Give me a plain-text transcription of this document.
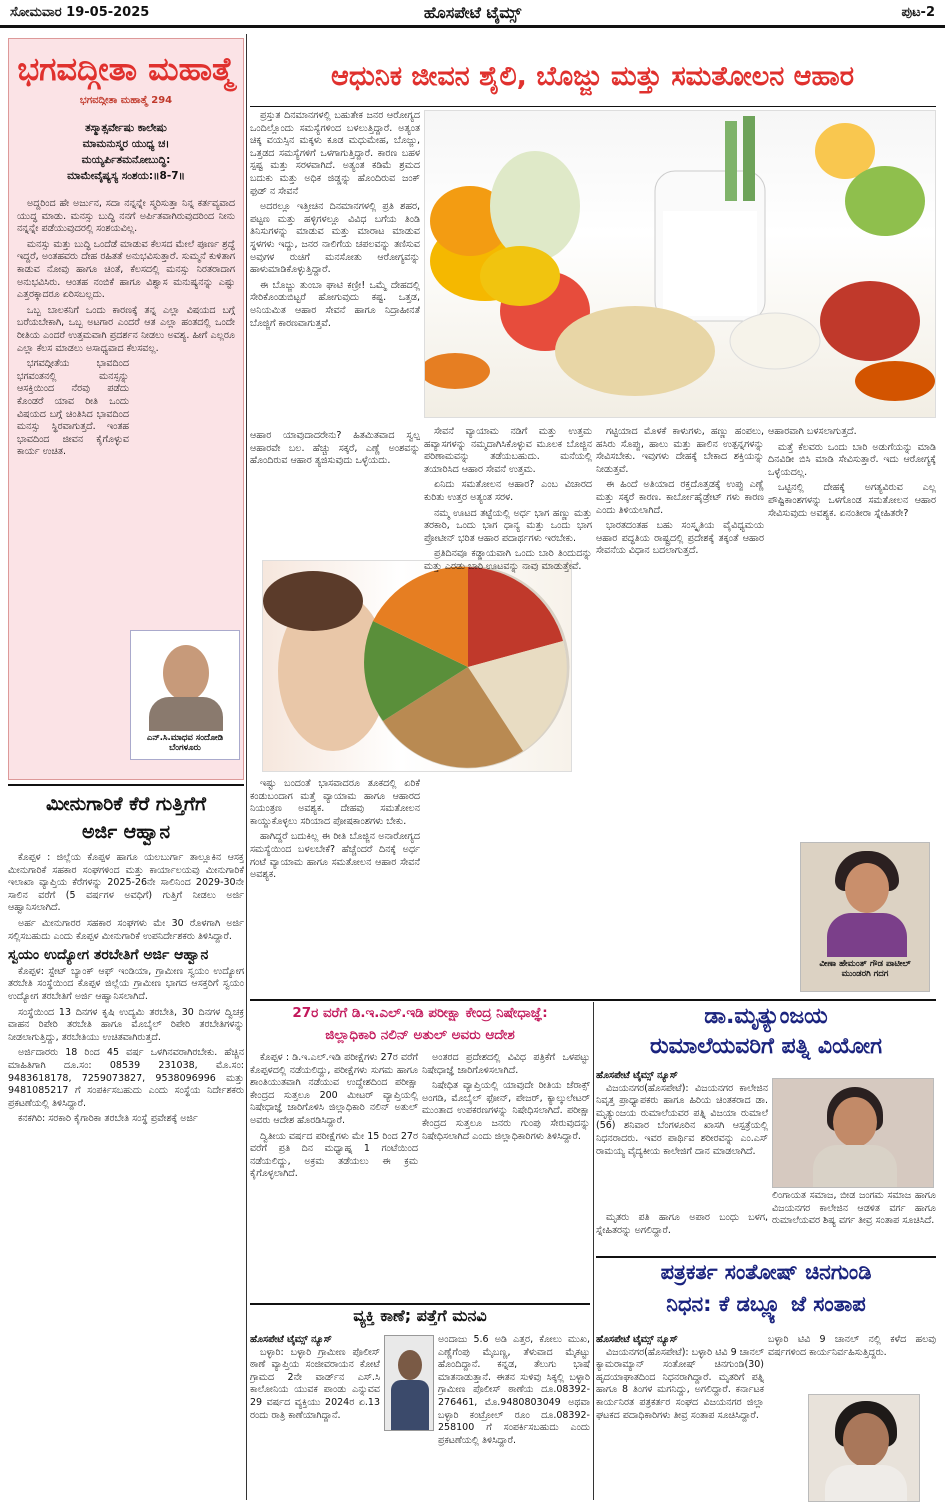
ಸೋಮವಾರ 19-05-2025	ಹೊಸಪೇಟೆ ಟೈಮ್ಸ್	ಪುಟ-2
ಭಗವದ್ಗೀತಾ ಮಹಾತ್ಮೆ
ಭಗವದ್ಗೀತಾ ಮಹಾತ್ಮೆ 294
ತಸ್ಮಾತ್ಸರ್ವೇಷು ಕಾಲೇಷು
ಮಾಮನುಸ್ಮರ ಯುಧ್ಯ ಚ।
ಮಯ್ಯರ್ಪಿತಮನೋಬುದ್ಧಿ:
ಮಾಮೇವೈಷ್ಯಸ್ಯ ಸಂಶಯ:॥8-7॥

ಅದ್ದರಿಂದ ಹೇ ಅರ್ಜುನ, ಸದಾ ನನ್ನನ್ನೇ ಸ್ಮರಿಸುತ್ತಾ ನಿನ್ನ ಕರ್ತವ್ಯವಾದ ಯುದ್ಧ ಮಾಡು. ಮನಸ್ಸು ಬುದ್ಧಿ ನನಗೆ ಅರ್ಪಿತವಾಗಿರುವುದರಿಂದ ನೀನು ನನ್ನನ್ನೇ ಪಡೆಯುವುದರಲ್ಲಿ ಸಂಶಯವಿಲ್ಲ.

ಮನಸ್ಸು ಮತ್ತು ಬುದ್ಧಿ ಒಂದೆಡೆ ಮಾಡುವ ಕೆಲಸದ ಮೇಲೆ ಪೂರ್ಣ ಶ್ರದ್ಧೆ ಇದ್ದರೆ, ಅಂತಹವರು ದೇಹ ರಹಿತತೆ ಅನುಭವಿಸುತ್ತಾರೆ. ಸುಮ್ಮನೆ ಕುಳಿತಾಗ ಕಾಡುವ ನೋವು ಹಾಗೂ ಚಿಂತೆ, ಕೆಲಸದಲ್ಲಿ ಮನಸ್ಸು ನಿರತರಾದಾಗ ಅನುಭವಿಸಿರು. ಆಂತಹ ನಂಬಿಕೆ ಹಾಗೂ ವಿಶ್ವಾಸ ಮನುಷ್ಯನನ್ನು ಎಷ್ಟು ಎತ್ತರಕ್ಕಾದರೂ ಏರಿಸಬಲ್ಲದು.

ಒಬ್ಬ ಬಾಲಕನಿಗೆ ಒಂದು ಕಾರಣಕ್ಕೆ ತನ್ನ ಎಲ್ಲಾ ವಿಷಯದ ಬಗ್ಗೆ ಬರೆಯಬೇಕಾಗಿ, ಒಬ್ಬ ಅಟಗಾರ ಎಂದರೆ ಆತ ಎಲ್ಲಾ ಹಂತದಲ್ಲಿ ಒಂದೇ ರೀತಿಯ ಎಂದರೆ ಉತ್ತಮವಾಗಿ ಪ್ರದರ್ಶನ ನೀಡಲು ಅವಶ್ಯ. ಹೀಗೆ ಎಲ್ಲರೂ ಎಲ್ಲಾ ಕೆಲಸ ಮಾಡಲು ಅಸಾಧ್ಯವಾದ ಕೆಲಸವಲ್ಲ.

ಭಗವದ್ಗೀತೆಯ ಭಾವದಿಂದ ಭಗವಂತನಲ್ಲಿ ಮನಸ್ಸನ್ನು ಆಸಕ್ತಿಯಿಂದ ನೆರವು ಪಡೆದು ಕೊಂಡರೆ ಯಾವ ರೀತಿ ಒಂದು ವಿಷಯದ ಬಗ್ಗೆ ಚಿಂತಿಸಿದ ಭಾವದಿಂದ ಮನಸ್ಸು ಸ್ಥಿರವಾಗುತ್ತದೆ. ಇಂತಹ ಭಾವದಿಂದ ಜೀವನ ಕೈಗೊಳ್ಳುವ ಕಾರ್ಯ ಉಚಿತ.

ಎನ್.ಸಿ.ಮಾಧವ ಸಂದೋಡಿ
ಬೆಂಗಳೂರು
ಆಧುನಿಕ ಜೀವನ ಶೈಲಿ, ಬೊಜ್ಜು ಮತ್ತು ಸಮತೋಲನ ಆಹಾರ

ಪ್ರಸ್ತುತ ದಿನಮಾನಗಳಲ್ಲಿ ಬಹುತೇಕ ಜನರ ಆರೋಗ್ಯದ ಒಂದಿಲ್ಲೊಂದು ಸಮಸ್ಯೆಗಳಿಂದ ಬಳಲುತ್ತಿದ್ದಾರೆ. ಅತ್ಯಂತ ಚಿಕ್ಕ ವಯಸ್ಸಿನ ಮಕ್ಕಳು ಕೂಡ ಮಧುಮೇಹ, ಬೊಜ್ಜು, ಒತ್ತಡದ ಸಮಸ್ಯೆಗಳಿಗೆ ಒಳಗಾಗುತ್ತಿದ್ದಾರೆ. ಕಾರಣ ಬಹಳ ಸ್ಪಷ್ಟ ಮತ್ತು ಸರಳವಾಗಿದೆ. ಅತ್ಯಂತ ಕಡಿಮೆ ಶ್ರಮದ ಬದುಕು ಮತ್ತು ಅಧಿಕ ಜಿಡ್ಡನ್ನು ಹೊಂದಿರುವ ಜಂಕ್ ಫುಡ್ ನ ಸೇವನೆ

ಅದರಲ್ಲೂ ಇತ್ತೀಚಿನ ದಿನಮಾನಗಳಲ್ಲಿ ಪ್ರತಿ ಶಹರ, ಪಟ್ಟಣ ಮತ್ತು ಹಳ್ಳಿಗಳಲ್ಲೂ ವಿವಿಧ ಬಗೆಯ ತಿಂಡಿ ತಿನಿಸುಗಳನ್ನು ಮಾಡುವ ಮತ್ತು ಮಾರಾಟ ಮಾಡುವ ಸ್ಥಳಗಳು ಇದ್ದು, ಜನರ ನಾಲಿಗೆಯ ಚಪಲವನ್ನು ತಣಿಸುವ ಅವುಗಳ ರುಚಿಗೆ ಮನಸೋತು ಆರೋಗ್ಯವನ್ನು ಹಾಳುಮಾಡಿಕೊಳ್ಳುತ್ತಿದ್ದಾರೆ.

ಈ ಬೊಜ್ಜು ತುಂಬಾ ಘಾಟಿ ಕಣ್ರೀ! ಒಮ್ಮೆ ದೇಹದಲ್ಲಿ ಸೇರಿಕೊಂಡುಬಿಟ್ಟರೆ ಹೋಗುವುದು ಕಷ್ಟ. ಒತ್ತಡ, ಅನಿಯಮಿತ ಆಹಾರ ಸೇವನೆ ಹಾಗೂ ನಿದ್ರಾಹೀನತೆ ಬೊಜ್ಜಿಗೆ ಕಾರಣವಾಗುತ್ತವೆ.

ಆಹಾರ ಯಾವುದಾದರೇನು? ಹಿತಮಿತವಾದ ಸ್ವಲ್ಪ ಆಹಾರವೇ ಬಲ. ಹೆಚ್ಚು ಸಕ್ಕರೆ, ಎಣ್ಣೆ ಅಂಶವನ್ನು ಹೊಂದಿರುವ ಆಹಾರ ತ್ಯಜಿಸುವುದು ಒಳ್ಳೆಯದು.

ಇಷ್ಟು ಬಂದಂತೆ ಭಾಸವಾದರೂ ತೂಕದಲ್ಲಿ ಏರಿಕೆ ಕಂಡುಬಂದಾಗ ಮತ್ತೆ ವ್ಯಾಯಾಮ ಹಾಗೂ ಆಹಾರದ ನಿಯಂತ್ರಣ ಅವಶ್ಯಕ. ದೇಹವು ಸಮತೋಲನ ಕಾಯ್ದುಕೊಳ್ಳಲು ಸರಿಯಾದ ಪೋಷಕಾಂಶಗಳು ಬೇಕು.

ಹಾಗಿದ್ದರೆ ಬದುಕಿಲ್ಲ ಈ ರೀತಿ ಬೊಜ್ಜಿನ ಅನಾರೋಗ್ಯದ ಸಮಸ್ಯೆಯಿಂದ ಬಳಲಬೇಕೆ? ಹೆಚ್ಚೆಂದರೆ ದಿನಕ್ಕೆ ಅರ್ಧ ಗಂಟೆ ವ್ಯಾಯಾಮ ಹಾಗೂ ಸಮತೋಲನ ಆಹಾರ ಸೇವನೆ ಅವಶ್ಯಕ.

ಸೇವನೆ ವ್ಯಾಯಾಮ ನಡಿಗೆ ಮತ್ತು ಉತ್ತಮ ಹವ್ಯಾಸಗಳನ್ನು ನಮ್ಮದಾಗಿಸಿಕೊಳ್ಳುವ ಮೂಲಕ ಬೊಜ್ಜಿನ ಪರಿಣಾಮವನ್ನು ತಡೆಯಬಹುದು. ಮನೆಯಲ್ಲಿ ತಯಾರಿಸಿದ ಆಹಾರ ಸೇವನೆ ಉತ್ತಮ.

ಏನಿದು ಸಮತೋಲನ ಆಹಾರ? ಎಂಬ ವಿಚಾರದ ಕುರಿತು ಉತ್ತರ ಅತ್ಯಂತ ಸರಳ.

ನಮ್ಮ ಊಟದ ತಟ್ಟೆಯಲ್ಲಿ ಅರ್ಧ ಭಾಗ ಹಣ್ಣು ಮತ್ತು ತರಕಾರಿ, ಒಂದು ಭಾಗ ಧಾನ್ಯ ಮತ್ತು ಒಂದು ಭಾಗ ಪ್ರೋಟೀನ್ ಭರಿತ ಆಹಾರ ಪದಾರ್ಥಗಳು ಇರಬೇಕು.

ಪ್ರತಿದಿನವೂ ಕಡ್ಡಾಯವಾಗಿ ಒಂದು ಬಾರಿ ತಿಂದುದನ್ನು ಮತ್ತು ಎರಡು ಬಾರಿ ಊಟವನ್ನು ನಾವು ಮಾಡುತ್ತೇವೆ.

ಗಟ್ಟಿಯಾದ ಮೊಳಕೆ ಕಾಳುಗಳು, ಹಣ್ಣು ಹಂಪಲು, ಹಸಿರು ಸೊಪ್ಪು, ಹಾಲು ಮತ್ತು ಹಾಲಿನ ಉತ್ಪನ್ನಗಳನ್ನು ಸೇವಿಸಬೇಕು. ಇವುಗಳು ದೇಹಕ್ಕೆ ಬೇಕಾದ ಶಕ್ತಿಯನ್ನು ನೀಡುತ್ತವೆ.

ಈ ಹಿಂದೆ ಅತಿಯಾದ ರಕ್ತದೊತ್ತಡಕ್ಕೆ ಉಪ್ಪು ಎಣ್ಣೆ ಮತ್ತು ಸಕ್ಕರೆ ಕಾರಣ. ಕಾರ್ಬೋಹೈಡ್ರೇಟ್ ಗಳು ಕಾರಣ ಎಂದು ತಿಳಿಯಲಾಗಿದೆ.

ಭಾರತದಂತಹ ಬಹು ಸಂಸ್ಕೃತಿಯ ವೈವಿಧ್ಯಮಯ ಆಹಾರ ಪದ್ಧತಿಯ ರಾಷ್ಟ್ರದಲ್ಲಿ ಪ್ರದೇಶಕ್ಕೆ ತಕ್ಕಂತೆ ಆಹಾರ ಸೇವನೆಯ ವಿಧಾನ ಬದಲಾಗುತ್ತದೆ.

ಆಹಾರವಾಗಿ ಬಳಸಲಾಗುತ್ತದೆ.

ಮತ್ತೆ ಕೆಲವರು ಒಂದು ಬಾರಿ ಅಡುಗೆಯನ್ನು ಮಾಡಿ ದಿನವಿಡೀ ಬಿಸಿ ಮಾಡಿ ಸೇವಿಸುತ್ತಾರೆ. ಇದು ಆರೋಗ್ಯಕ್ಕೆ ಒಳ್ಳೆಯದಲ್ಲ.

ಒಟ್ಟಿನಲ್ಲಿ ದೇಹಕ್ಕೆ ಅಗತ್ಯವಿರುವ ಎಲ್ಲ ಪೌಷ್ಟಿಕಾಂಶಗಳನ್ನು ಒಳಗೊಂಡ ಸಮತೋಲನ ಆಹಾರ ಸೇವಿಸುವುದು ಅವಶ್ಯಕ. ಏನಂತೀರಾ ಸ್ನೇಹಿತರೇ?

ವೀಣಾ ಹೇಮಂತ್ ಗೌಡ ಪಾಟೀಲ್
ಮುಂಡರಗಿ ಗದಗ
ಮೀನುಗಾರಿಕೆ ಕೆರೆ ಗುತ್ತಿಗೆಗೆ
ಅರ್ಜಿ ಆಹ್ವಾನ

ಕೊಪ್ಪಳ : ಜಿಲ್ಲೆಯ ಕೊಪ್ಪಳ ಹಾಗೂ ಯಲಬುರ್ಗಾ ತಾಲ್ಲೂಕಿನ ಆಸಕ್ತ ಮೀನುಗಾರಿಕೆ ಸಹಕಾರ ಸಂಘಗಳಿಂದ ಮತ್ತು ಕಾರ್ಯಾಲಯವು ಮೀನುಗಾರಿಕೆ ಇಲಾಖಾ ವ್ಯಾಪ್ತಿಯ ಕೆರೆಗಳನ್ನು 2025-26ನೇ ಸಾಲಿನಿಂದ 2029-30ನೇ ಸಾಲಿನ ವರೆಗೆ (5 ವರ್ಷಗಳ ಅವಧಿಗೆ) ಗುತ್ತಿಗೆ ನೀಡಲು ಅರ್ಜಿ ಆಹ್ವಾನಿಸಲಾಗಿದೆ.

ಅರ್ಹ ಮೀನುಗಾರರ ಸಹಕಾರ ಸಂಘಗಳು ಮೇ 30 ರೊಳಗಾಗಿ ಅರ್ಜಿ ಸಲ್ಲಿಸಬಹುದು ಎಂದು ಕೊಪ್ಪಳ ಮೀನುಗಾರಿಕೆ ಉಪನಿರ್ದೇಶಕರು ತಿಳಿಸಿದ್ದಾರೆ.

ಸ್ವಯಂ ಉದ್ಯೋಗ ತರಬೇತಿಗೆ ಅರ್ಜಿ ಆಹ್ವಾನ

ಕೊಪ್ಪಳ: ಸ್ಟೇಟ್ ಬ್ಯಾಂಕ್ ಆಫ್ ಇಂಡಿಯಾ, ಗ್ರಾಮೀಣ ಸ್ವಯಂ ಉದ್ಯೋಗ ತರಬೇತಿ ಸಂಸ್ಥೆಯಿಂದ ಕೊಪ್ಪಳ ಜಿಲ್ಲೆಯ ಗ್ರಾಮೀಣ ಭಾಗದ ಆಸಕ್ತರಿಗೆ ಸ್ವಯಂ ಉದ್ಯೋಗ ತರಬೇತಿಗೆ ಅರ್ಜಿ ಆಹ್ವಾನಿಸಲಾಗಿದೆ.

ಸಂಸ್ಥೆಯಿಂದ 13 ದಿನಗಳ ಕೃಷಿ ಉದ್ಯಮಿ ತರಬೇತಿ, 30 ದಿನಗಳ ದ್ವಿಚಕ್ರ ವಾಹನ ರಿಪೇರಿ ತರಬೇತಿ ಹಾಗೂ ಮೊಬೈಲ್ ರಿಪೇರಿ ತರಬೇತಿಗಳನ್ನು ನೀಡಲಾಗುತ್ತಿದ್ದು, ತರಬೇತಿಯು ಉಚಿತವಾಗಿರುತ್ತದೆ.

ಅರ್ಜಿದಾರರು 18 ರಿಂದ 45 ವರ್ಷ ಒಳಗಿನವರಾಗಿರಬೇಕು. ಹೆಚ್ಚಿನ ಮಾಹಿತಿಗಾಗಿ ದೂ.ಸಂ: 08539 231038, ಮೊ.ಸಂ: 9483618178, 7259073827, 9538096996 ಮತ್ತು 9481085217 ಗೆ ಸಂಪರ್ಕಿಸಬಹುದು ಎಂದು ಸಂಸ್ಥೆಯ ನಿರ್ದೇಶಕರು ಪ್ರಕಟಣೆಯಲ್ಲಿ ತಿಳಿಸಿದ್ದಾರೆ.

ಕನಕಗಿರಿ: ಸರಕಾರಿ ಕೈಗಾರಿಕಾ ತರಬೇತಿ ಸಂಸ್ಥೆ ಪ್ರವೇಶಕ್ಕೆ ಅರ್ಜಿ

27ರ ವರೆಗೆ ಡಿ.ಇ.ಎಲ್.ಇಡಿ ಪರೀಕ್ಷಾ ಕೇಂದ್ರ ನಿಷೇಧಾಜ್ಞೆ:
ಜಿಲ್ಲಾಧಿಕಾರಿ ನಲಿನ್ ಅತುಲ್ ಅವರು ಆದೇಶ

ಕೊಪ್ಪಳ : ಡಿ.ಇ.ಎಲ್.ಇಡಿ ಪರೀಕ್ಷೆಗಳು 27ರ ವರೆಗೆ ಕೊಪ್ಪಳದಲ್ಲಿ ನಡೆಯಲಿದ್ದು, ಪರೀಕ್ಷೆಗಳು ಸುಗಮ ಹಾಗೂ ಶಾಂತಿಯುತವಾಗಿ ನಡೆಯುವ ಉದ್ದೇಶದಿಂದ ಪರೀಕ್ಷಾ ಕೇಂದ್ರದ ಸುತ್ತಲೂ 200 ಮೀಟರ್ ವ್ಯಾಪ್ತಿಯಲ್ಲಿ ನಿಷೇಧಾಜ್ಞೆ ಜಾರಿಗೊಳಿಸಿ ಜಿಲ್ಲಾಧಿಕಾರಿ ನಲಿನ್ ಅತುಲ್ ಅವರು ಆದೇಶ ಹೊರಡಿಸಿದ್ದಾರೆ.

ದ್ವಿತೀಯ ವರ್ಷದ ಪರೀಕ್ಷೆಗಳು ಮೇ 15 ರಿಂದ 27ರ ವರೆಗೆ ಪ್ರತಿ ದಿನ ಮಧ್ಯಾಹ್ನ 1 ಗಂಟೆಯಿಂದ ನಡೆಯಲಿದ್ದು, ಅಕ್ರಮ ತಡೆಯಲು ಈ ಕ್ರಮ ಕೈಗೊಳ್ಳಲಾಗಿದೆ.

ಅಂತರದ ಪ್ರದೇಶದಲ್ಲಿ ವಿವಿಧ ಪತ್ರಿಕೆಗೆ ಒಳಪಟ್ಟು ನಿಷೇಧಾಜ್ಞೆ ಜಾರಿಗೊಳಿಸಲಾಗಿದೆ.

ನಿಷೇಧಿತ ವ್ಯಾಪ್ತಿಯಲ್ಲಿ ಯಾವುದೇ ರೀತಿಯ ಜೆರಾಕ್ಸ್ ಅಂಗಡಿ, ಮೊಬೈಲ್ ಫೋನ್, ಪೇಜರ್, ಕ್ಯಾಲ್ಕುಲೇಟರ್ ಮುಂತಾದ ಉಪಕರಣಗಳನ್ನು ನಿಷೇಧಿಸಲಾಗಿದೆ. ಪರೀಕ್ಷಾ ಕೇಂದ್ರದ ಸುತ್ತಲೂ ಜನರು ಗುಂಪು ಸೇರುವುದನ್ನು ನಿಷೇಧಿಸಲಾಗಿದೆ ಎಂದು ಜಿಲ್ಲಾಧಿಕಾರಿಗಳು ತಿಳಿಸಿದ್ದಾರೆ.

ವ್ಯಕ್ತಿ ಕಾಣೆ; ಪತ್ತೆಗೆ ಮನವಿ
ಹೊಸಪೇಟೆ ಟೈಮ್ಸ್ ನ್ಯೂಸ್

ಬಳ್ಳಾರಿ: ಬಳ್ಳಾರಿ ಗ್ರಾಮೀಣ ಪೊಲೀಸ್ ಠಾಣೆ ವ್ಯಾಪ್ತಿಯ ಸಂಜೀವರಾಯನ ಕೋಟೆ ಗ್ರಾಮದ 2ನೇ ವಾರ್ಡ್‌ನ ಎಸ್.ಸಿ ಕಾಲೋನಿಯ ಯುವಕ ಪಾಂಡು ಎನ್ನುವವ 29 ವರ್ಷದ ವ್ಯಕ್ತಿಯು 2024ರ ಏ.13 ರಂದು ರಾತ್ರಿ ಕಾಣೆಯಾಗಿದ್ದಾನೆ.

ಅಂದಾಜು 5.6 ಅಡಿ ಎತ್ತರ, ಕೋಲು ಮುಖ, ಎಣ್ಣೆಗೆಂಪು ಮೈಬಣ್ಣ, ತೆಳುವಾದ ಮೈಕಟ್ಟು ಹೊಂದಿದ್ದಾನೆ. ಕನ್ನಡ, ತೆಲುಗು ಭಾಷೆ ಮಾತನಾಡುತ್ತಾನೆ. ಈತನ ಸುಳಿವು ಸಿಕ್ಕಲ್ಲಿ ಬಳ್ಳಾರಿ ಗ್ರಾಮೀಣ ಪೊಲೀಸ್ ಠಾಣೆಯ ದೂ.08392-276461, ಮೊ.9480803049 ಅಥವಾ ಬಳ್ಳಾರಿ ಕಂಟ್ರೋಲ್ ರೂಂ ದೂ.08392-258100 ಗೆ ಸಂಪರ್ಕಿಸಬಹುದು ಎಂದು ಪ್ರಕಟಣೆಯಲ್ಲಿ ತಿಳಿಸಿದ್ದಾರೆ.

ಡಾ.ಮೃತ್ಯುಂಜಯ
ರುಮಾಲೆಯವರಿಗೆ ಪತ್ನಿ ವಿಯೋಗ
ಹೊಸಪೇಟೆ ಟೈಮ್ಸ್ ನ್ಯೂಸ್

ವಿಜಯನಗರ(ಹೊಸಪೇಟೆ): ವಿಜಯನಗರ ಕಾಲೇಜಿನ ನಿವೃತ್ತ ಪ್ರಾಧ್ಯಾಪಕರು ಹಾಗೂ ಹಿರಿಯ ಚಿಂತಕರಾದ ಡಾ. ಮೃತ್ಯುಂಜಯ ರುಮಾಲೆಯವರ ಪತ್ನಿ ವಿಜಯಾ ರುಮಾಲೆ (56) ಶನಿವಾರ ಬೆಂಗಳೂರಿನ ಖಾಸಗಿ ಆಸ್ಪತ್ರೆಯಲ್ಲಿ ನಿಧನರಾದರು. ಇವರ ಪಾರ್ಥಿವ ಶರೀರವನ್ನು ಎಂ.ಎಸ್ ರಾಮಯ್ಯ ವೈದ್ಯಕೀಯ ಕಾಲೇಜಿಗೆ ದಾನ ಮಾಡಲಾಗಿದೆ.

ಲಿಂಗಾಯತ ಸಮಾಜ, ಬೀಡ ಜಂಗಮ ಸಮಾಜ ಹಾಗೂ ವಿಜಯನಗರ ಕಾಲೇಜಿನ ಆಡಳಿತ ವರ್ಗ ಹಾಗೂ ರುಮಾಲೆಯವರ ಶಿಷ್ಯ ವರ್ಗ ತೀವ್ರ ಸಂತಾಪ ಸೂಚಿಸಿದೆ.

ಮೃತರು ಪತಿ ಹಾಗೂ ಅಪಾರ ಬಂಧು ಬಳಗ, ಸ್ನೇಹಿತರನ್ನು ಅಗಲಿದ್ದಾರೆ.

ಪತ್ರಕರ್ತ ಸಂತೋಷ್ ಚಿನಗುಂಡಿ
ನಿಧನ: ಕೆ ಡಬ್ಲ್ಯೂ ಜೆ ಸಂತಾಪ
ಹೊಸಪೇಟೆ ಟೈಮ್ಸ್ ನ್ಯೂಸ್

ವಿಜಯನಗರ(ಹೊಸಪೇಟೆ): ಬಳ್ಳಾರಿ ಟಿವಿ 9 ಚಾನಲ್ ಕ್ಯಾಮರಾಮ್ಯಾನ್ ಸಂತೋಷ್ ಚಿನಗುಂಡಿ(30) ಹೃದಯಾಘಾತದಿಂದ ನಿಧನರಾಗಿದ್ದಾರೆ. ಮೃತರಿಗೆ ಪತ್ನಿ ಹಾಗೂ 8 ತಿಂಗಳ ಮಗನಿದ್ದು, ಅಗಲಿದ್ದಾರೆ. ಕರ್ನಾಟಕ ಕಾರ್ಯನಿರತ ಪತ್ರಕರ್ತರ ಸಂಘದ ವಿಜಯನಗರ ಜಿಲ್ಲಾ ಘಟಕದ ಪದಾಧಿಕಾರಿಗಳು ತೀವ್ರ ಸಂತಾಪ ಸೂಚಿಸಿದ್ದಾರೆ.

ಬಳ್ಳಾರಿ ಟಿವಿ 9 ಚಾನಲ್ ನಲ್ಲಿ ಕಳೆದ ಹಲವು ವರ್ಷಗಳಿಂದ ಕಾರ್ಯನಿರ್ವಹಿಸುತ್ತಿದ್ದರು.
